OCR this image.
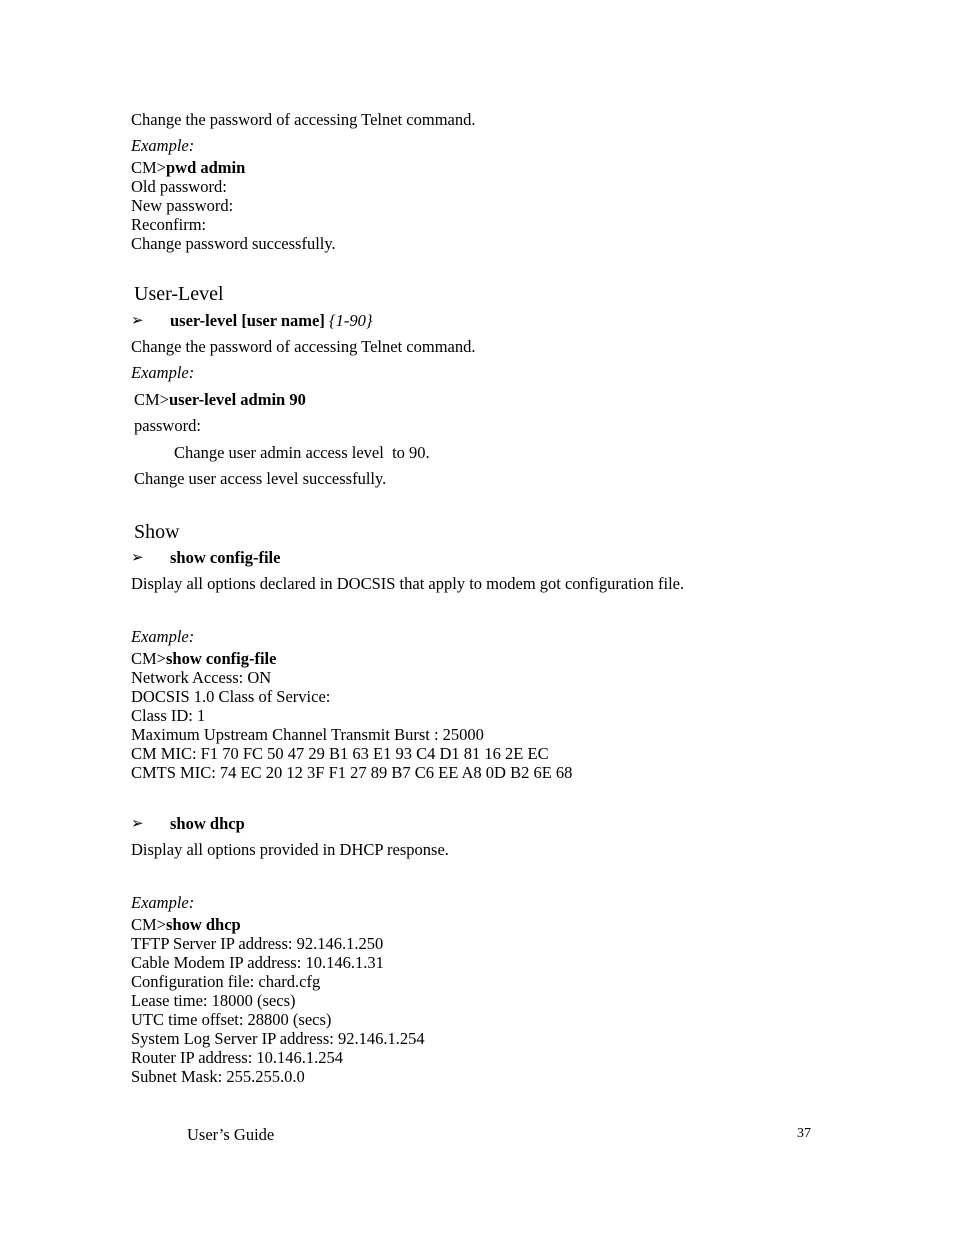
Change the password of accessing Telnet command.
Example:
CM>pwd admin
Old password:
New password:
Reconfirm:
Change password successfully.
User-Level
➢ user-level [user name] {1-90}
Change the password of accessing Telnet command.
Example:
CM>user-level admin 90
password:
Change user admin access level  to 90.
Change user access level successfully.
Show
➢ show config-file
Display all options declared in DOCSIS that apply to modem got configuration file.
Example:
CM>show config-file
Network Access: ON
DOCSIS 1.0 Class of Service:
Class ID: 1
Maximum Upstream Channel Transmit Burst : 25000
CM MIC: F1 70 FC 50 47 29 B1 63 E1 93 C4 D1 81 16 2E EC
CMTS MIC: 74 EC 20 12 3F F1 27 89 B7 C6 EE A8 0D B2 6E 68
➢ show dhcp
Display all options provided in DHCP response.
Example:
CM>show dhcp
TFTP Server IP address: 92.146.1.250
Cable Modem IP address: 10.146.1.31
Configuration file: chard.cfg
Lease time: 18000 (secs)
UTC time offset: 28800 (secs)
System Log Server IP address: 92.146.1.254
Router IP address: 10.146.1.254
Subnet Mask: 255.255.0.0
User’s Guide	37
